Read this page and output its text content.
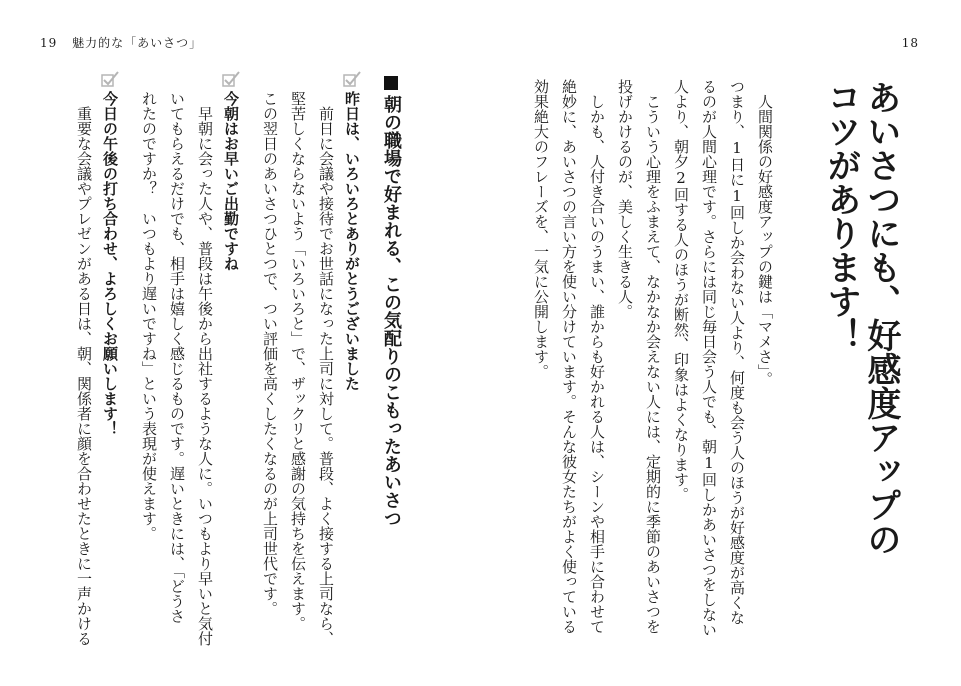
19 魅力的な「あいさつ」	18
あいさつにも、好感度アップの
コツがあります！
　人間関係の好感度アップの鍵は「マメさ」。
つまり、1日に1回しか会わない人より、何度も会う人のほうが好感度が高くな
るのが人間心理です。さらには同じ毎日会う人でも、朝1回しかあいさつをしない
人より、朝夕2回する人のほうが断然、印象はよくなります。
　こういう心理をふまえて、なかなか会えない人には、定期的に季節のあいさつを
投げかけるのが、美しく生きる人。
　しかも、人付き合いのうまい、誰からも好かれる人は、シーンや相手に合わせて
絶妙に、あいさつの言い方を使い分けています。そんな彼女たちがよく使っている
効果絶大のフレーズを、一気に公開します。
朝の職場で好まれる、この気配りのこもったあいさつ
昨日は、いろいろとありがとうございました
　前日に会議や接待でお世話になった上司に対して。普段、よく接する上司なら、
堅苦しくならないよう「いろいろと」で、ザックリと感謝の気持ちを伝えます。
この翌日のあいさつひとつで、つい評価を高くしたくなるのが上司世代です。
今朝はお早いご出勤ですね
　早朝に会った人や、普段は午後から出社するような人に。いつもより早いと気付
いてもらえるだけでも、相手は嬉しく感じるものです。遅いときには、「どうさ
れたのですか？　いつもより遅いですね」という表現が使えます。
今日の午後の打ち合わせ、よろしくお願いします！
　重要な会議やプレゼンがある日は、朝、関係者に顔を合わせたときに一声かける
